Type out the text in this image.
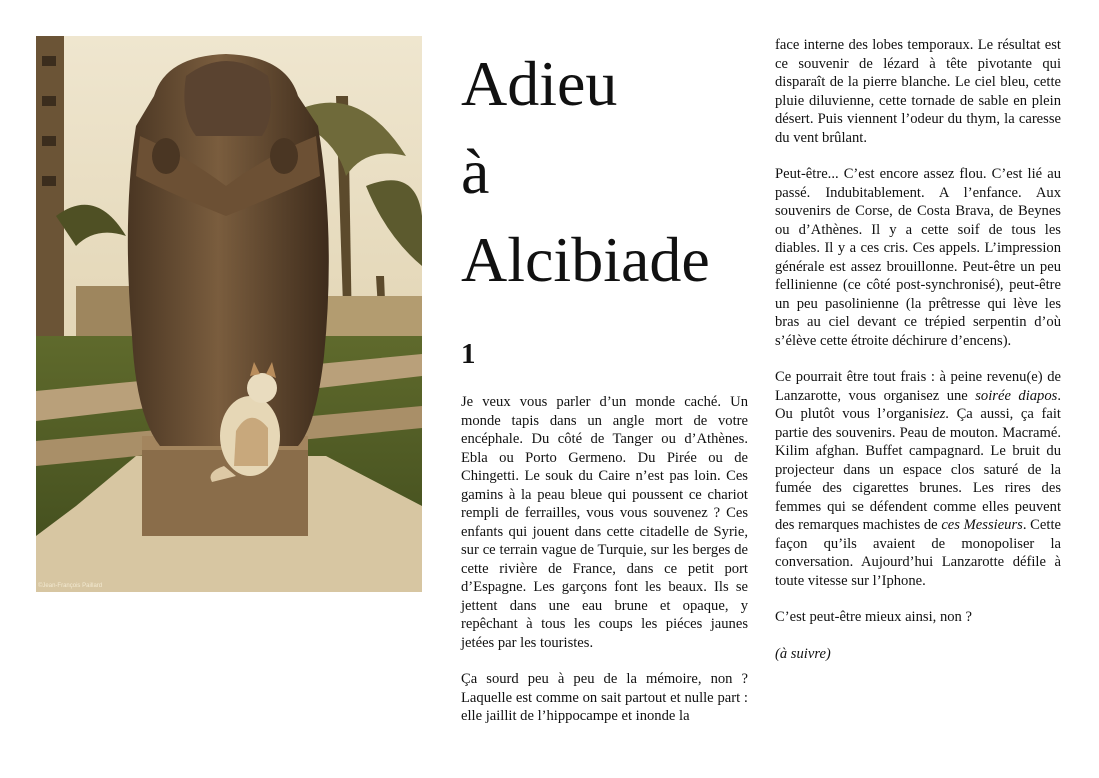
©Jean-François Paillard
Adieu
à
Alcibiade
1

Je veux vous parler d’un monde caché. Un monde tapis dans un angle mort de votre encéphale. Du côté de Tanger ou d’Athènes. Ebla ou Porto Germeno. Du Pirée ou de Chingetti. Le souk du Caire n’est pas loin. Ces gamins à la peau bleue qui poussent ce chariot rempli de ferrailles, vous vous souvenez ? Ces enfants qui jouent dans cette citadelle de Syrie, sur ce terrain vague de Turquie, sur les berges de cette rivière de France, dans ce petit port d’Espagne. Les garçons font les beaux. Ils se jettent dans une eau brune et opaque, y repêchant à tous les coups les piéces jaunes jetées par les touristes.

Ça sourd peu à peu de la mémoire, non ? Laquelle est comme on sait partout et nulle part : elle jaillit de l’hippocampe et inonde la

face interne des lobes temporaux. Le résultat est ce souvenir de lézard à tête pivotante qui disparaît de la pierre blanche. Le ciel bleu, cette pluie diluvienne, cette tornade de sable en plein désert. Puis viennent l’odeur du thym, la caresse du vent brûlant.

Peut-être... C’est encore assez flou. C’est lié au passé. Indubitablement. A l’enfance. Aux souvenirs de Corse, de Costa Brava, de Beynes ou d’Athènes. Il y a cette soif de tous les diables. Il y a ces cris. Ces appels. L’impression générale est assez brouillonne. Peut-être un peu fellinienne (ce côté post-synchronisé), peut-être un peu pasolinienne (la prêtresse qui lève les bras au ciel devant ce trépied serpentin d’où s’élève cette étroite déchirure d’encens).

Ce pourrait être tout frais : à peine revenu(e) de Lanzarotte, vous organisez une soirée diapos. Ou plutôt vous l’organisiez. Ça aussi, ça fait partie des souvenirs. Peau de mouton. Macramé. Kilim afghan. Buffet campagnard. Le bruit du projecteur dans un espace clos saturé de la fumée des cigarettes brunes. Les rires des femmes qui se défendent comme elles peuvent des remarques machistes de ces Messieurs. Cette façon qu’ils avaient de monopoliser la conversation. Aujourd’hui Lanzarotte défile à toute vitesse sur l’Iphone.

C’est peut-être mieux ainsi, non ?

(à suivre)
